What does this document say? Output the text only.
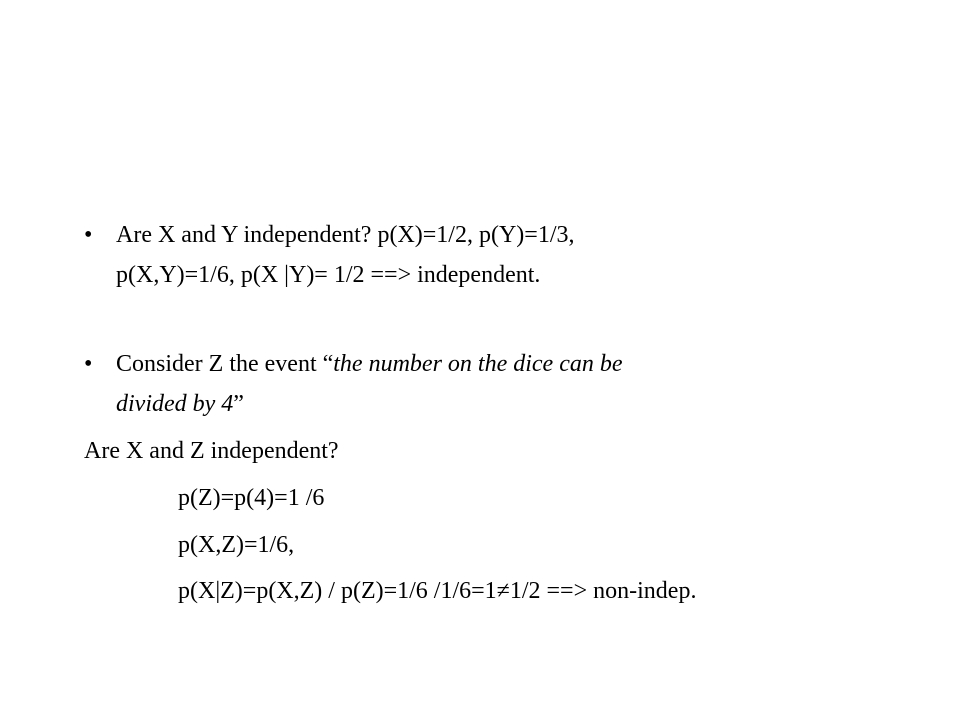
• Are X and Y independent? p(X)=1/2, p(Y)=1/3,
p(X,Y)=1/6, p(X |Y)= 1/2 ==> independent.
• Consider Z the event “the number on the dice can be
divided by 4”
Are X and Z independent?
p(Z)=p(4)=1 /6
p(X,Z)=1/6,
p(X|Z)=p(X,Z) / p(Z)=1/6 /1/6=1≠1/2 ==> non-indep.
